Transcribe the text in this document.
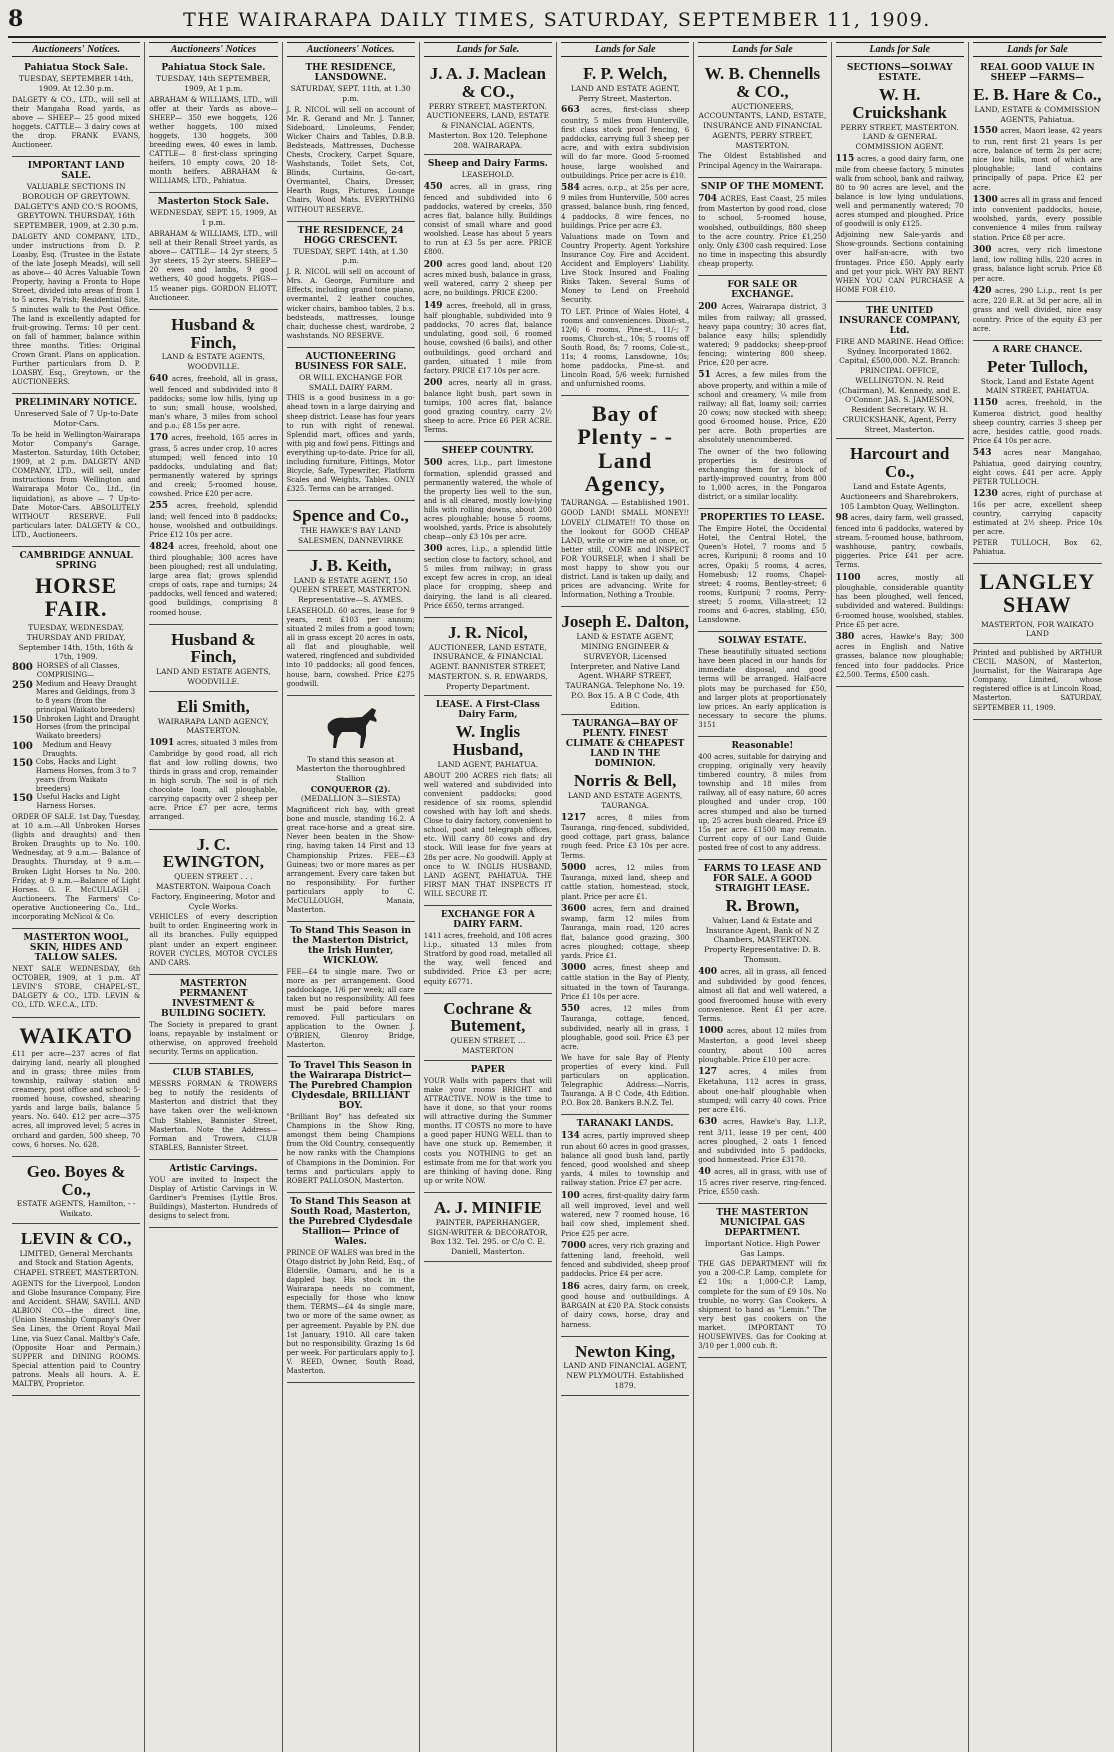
8	THE WAIRARAPA DAILY TIMES, SATURDAY, SEPTEMBER 11, 1909.
Auctioneers' Notices.
Pahiatua Stock Sale.
TUESDAY, SEPTEMBER 14th, 1909. At 12.30 p.m.

DALGETY & CO., LTD., will sell at their Mangaha Road yards, as above — SHEEP— 25 good mixed hoggets. CATTLE— 3 dairy cows at the drop. FRANK EVANS, Auctioneer.

IMPORTANT LAND SALE.
VALUABLE SECTIONS IN BOROUGH OF GREYTOWN. DALGETY'S AND CO.'S ROOMS, GREYTOWN. THURSDAY, 16th SEPTEMBER, 1909, at 2.30 p.m.

DALGETY AND COMPANY, LTD., under instructions from D. P. Loasby, Esq. (Trustee in the Estate of the late Joseph Meads), will sell as above— 40 Acres Valuable Town Property, having a Fronta to Hope Street, divided into areas of from 1 to 5 acres. Pa'rish; Residential Site, 5 minutes walk to the Post Office. The land is excellently adapted for fruit-growing. Terms: 10 per cent. on fall of hammer, balance within three months. Titles: Original Crown Grant. Plans on application. Further particulars from D. P. LOASBY, Esq., Greytown, or the AUCTIONEERS.

PRELIMINARY NOTICE.
Unreserved Sale of 7 Up-to-Date Motor-Cars.

To be held in Wellington-Wairarapa Motor Company's Garage, Masterton. Saturday, 16th October, 1909, at 2 p.m. DALGETY AND COMPANY, LTD., will sell, under instructions from Wellington and Wairarapa Motor Co., Ltd., (in liquidation), as above — 7 Up-to-Date Motor-Cars. ABSOLUTELY WITHOUT RESERVE. Full particulars later. DALGETY & CO., LTD., Auctioneers.

CAMBRIDGE ANNUAL SPRING
HORSE FAIR.
TUESDAY, WEDNESDAY, THURSDAY AND FRIDAY, September 14th, 15th, 16th & 17th, 1909.
800 HORSES of all Classes, COMPRISING—
250 Medium and Heavy Draught Mares and Geldings, from 3 to 8 years (from the principal Waikato breeders)
150 Unbroken Light and Draught Horses (from the principal Waikato breeders)
100	Medium and Heavy Draughts.
150 Cobs, Hacks and Light Harness Horses, from 3 to 7 years (from Waikato breeders)
150 Useful Hacks and Light Harness Horses.

ORDER OF SALE. 1st Day, Tuesday, at 10 a.m.—All Unbroken Horses (lights and draughts) and then Broken Draughts up to No. 100. Wednesday, at 9 a.m.— Balance of Draughts. Thursday, at 9 a.m.—Broken Light Horses to No. 200. Friday, at 9 a.m.—Balance of Light Horses. G. F. McCULLAGH ; Auctioneers. The Farmers' Co-operative Auctioneering Co., Ltd., incorporating McNicol & Co.

MASTERTON WOOL, SKIN, HIDES AND TALLOW SALES.

NEXT SALE WEDNESDAY, 6th OCTOBER, 1909, at 1 p.m. AT LEVIN'S STORE, CHAPEL-ST., DALGETY & CO., LTD. LEVIN & CO., LTD. W.F.C.A., LTD.

WAIKATO

£11 per acre—237 acres of flat dairying land, nearly all ploughed and in grass; three miles from township, railway station and creamery, post office and school; 5-roomed house, cowshed, shearing yards and large bails, balance 5 years. No. 640. £12 per acre—375 acres, all improved level; 5 acres in orchard and garden, 500 sheep, 70 cows, 6 horses. No. 628.

Geo. Boyes & Co.,
ESTATE AGENTS, Hamilton, - - Waikato.
LEVIN & CO.,
LIMITED, General Merchants and Stock and Station Agents, CHAPEL STREET, MASTERTON.

AGENTS for the Liverpool, London and Globe Insurance Company, Fire and Accident. SHAW, SAVILL AND ALBION CO.—the direct line, (Union Steamship Company's Over Sea Lines, the Orient Royal Mail Line, via Suez Canal. Maltby's Cafe, (Opposite Hoar and Permain.) SUPPER and DINING ROOMS. Special attention paid to Country patrons. Meals all hours. A. E. MALTBY, Proprietor.

Auctioneers' Notices
Pahiatua Stock Sale.
TUESDAY, 14th SEPTEMBER, 1909, At 1 p.m.

ABRAHAM & WILLIAMS, LTD., will offer at their Yards as above— SHEEP— 350 ewe hoggets, 126 wether hoggets, 100 mixed hoggets, 130 hoggets, 300 breeding ewes, 40 ewes in lamb. CATTLE— 8 first-class springing heifers, 10 empty cows, 20 18-month heifers. ABRAHAM & WILLIAMS, LTD., Pahiatua.

Masterton Stock Sale.
WEDNESDAY, SEPT. 15, 1909, At 1 p.m.

ABRAHAM & WILLIAMS, LTD., will sell at their Renall Street yards, as above— CATTLE— 14 2yr steers, 5 3yr steers, 15 2yr steers. SHEEP— 20 ewes and lambs, 9 good wethers, 40 good hoggets. PIGS— 15 weaner pigs. GORDON ELIOTT, Auctioneer.

Husband & Finch,
LAND & ESTATE AGENTS, WOODVILLE.

640 acres, freehold, all in grass, well fenced and subdivided into 8 paddocks; some low hills, lying up to sun; small house, woolshed, man's whare, 3 miles from school and p.o.; £8 15s per acre.

170 acres, freehold, 165 acres in grass, 5 acres under crop, 10 acres stumped; well fenced into 10 paddocks, undulating and flat; permanently watered by springs and creek; 5-roomed house, cowshed. Price £20 per acre.

255 acres, freehold, splendid land; well fenced into 8 paddocks; house, woolshed and outbuildings. Price £12 10s per acre.

4824 acres, freehold, about one third ploughable; 300 acres have been ploughed; rest all undulating, large area flat; grows splendid crops of oats, rape and turnips; 24 paddocks, well fenced and watered; good buildings, comprising 8 roomed house.

Husband & Finch,
LAND AND ESTATE AGENTS, WOODVILLE.
Eli Smith,
WAIRARAPA LAND AGENCY, MASTERTON.

1091 acres, situated 3 miles from Cambridge by good road, all rich flat and low rolling downs, two thirds in grass and crop, remainder in high scrub. The soil is of rich chocolate loam, all ploughable, carrying capacity over 2 sheep per acre. Price £7 per acre, terms arranged.

J. C. EWINGTON,
QUEEN STREET . . . MASTERTON. Waipoua Coach Factory, Engineering, Motor and Cycle Works.

VEHICLES of every description built to order. Engineering work in all its branches. Fully equipped plant under an expert engineer. ROVER CYCLES, MOTOR CYCLES AND CARS.

MASTERTON PERMANENT INVESTMENT & BUILDING SOCIETY.

The Society is prepared to grant loans, repayable by instalment or otherwise, on approved freehold security. Terms on application.

CLUB STABLES,

MESSRS FORMAN & TROWERS beg to notify the residents of Masterton and district that they have taken over the well-known Club Stables, Bannister Street, Masterton. Note the Address— Forman and Trowers, CLUB STABLES, Bannister Street.

Artistic Carvings.

YOU are invited to Inspect the Display of Artistic Carvings in W. Gardiner's Premises (Lyttle Bros. Buildings), Masterton. Hundreds of designs to select from.

Auctioneers' Notices.
THE RESIDENCE, LANSDOWNE.
SATURDAY, SEPT. 11th, at 1.30 p.m.

J. R. NICOL will sell on account of Mr. R. Gerand and Mr. J. Tanner, Sideboard, Linoleums, Fender, Wicker Chairs and Tables, D.B.B. Bedsteads, Mattresses, Duchesse Chests, Crockery, Carpet Square, Washstands, Toilet Sets, Cot, Blinds, Curtains, Go-cart, Overmantel, Chairs, Dresser, Hearth Rugs, Pictures, Lounge Chairs, Wood Mats. EVERYTHING WITHOUT RESERVE.

THE RESIDENCE, 24 HOGG CRESCENT.
TUESDAY, SEPT. 14th, at 1.30 p.m.

J. R. NICOL will sell on account of Mrs. A. George, Furniture and Effects, including grand tone piano, overmantel, 2 leather couches, wicker chairs, bamboo tables, 2 b.s. bedsteads, mattresses, lounge chair, duchesse chest, wardrobe, 2 washstands. NO RESERVE.

AUCTIONEERING BUSINESS FOR SALE.
OR WILL EXCHANGE FOR SMALL DAIRY FARM.

THIS is a good business in a go-ahead town in a large dairying and sheep district. Lease has four years to run with right of renewal. Splendid mart, offices and yards, with pig and fowl pens. Fittings and everything up-to-date. Price for all, including furniture, Fittings, Motor Bicycle, Safe, Typewriter, Platform Scales and Weights, Tables. ONLY £325. Terms can be arranged.

Spence and Co.,
THE HAWKE'S BAY LAND SALESMEN, DANNEVIRKE
J. B. Keith,
LAND & ESTATE AGENT, 150 QUEEN STREET, MASTERTON. Representative—S. AYMES.

LEASEHOLD. 60 acres, lease for 9 years, rent £103 per annum; situated 2 miles from a good town; all in grass except 20 acres in oats, all flat and ploughable, well watered, ringfenced and subdivided into 10 paddocks; all good fences, house, barn, cowshed. Price £275 goodwill.

To stand this season at Masterton the thoroughbred Stallion
CONQUEROR (2).
(MEDALLION 3—SIESTA)

Magnificent rich bay, with great bone and muscle, standing 16.2. A great race-horse and a great sire. Never been beaten in the Show-ring, having taken 14 First and 13 Championship Prizes. FEE—£3 Guineas; two or more mares as per arrangement. Every care taken but no responsibility. For further particulars apply to C. McCULLOUGH, Manaia, Masterton.

To Stand This Season in the Masterton District, the Irish Hunter, WICKLOW.

FEE—£4 to single mare. Two or more as per arrangement. Good paddockage, 1/6 per week; all care taken but no responsibility. All fees must be paid before mares removed. Full particulars on application to the Owner. J. O'BRIEN, Glenroy Bridge, Masterton.

To Travel This Season in the Wairarapa District— The Purebred Champion Clydesdale, BRILLIANT BOY.

"Brilliant Boy" has defeated six Champions in the Show Ring, amongst them being Champions from the Old Country, consequently he now ranks with the Champions of Champions in the Dominion. For terms and particulars apply to ROBERT PALLOSON, Masterton.

To Stand This Season at South Road, Masterton, the Purebred Clydesdale Stallion— Prince of Wales.

PRINCE OF WALES was bred in the Otago district by John Reid, Esq., of Elderslie, Oamaru, and he is a dappled bay. His stock in the Wairarapa needs no comment, especially for those who know them. TERMS—£4 4s single mare, two or more of the same owner, as per agreement. Payable by P.N. due 1st January, 1910. All care taken but no responsibility. Grazing 1s 6d per week. For particulars apply to J. V. REED, Owner, South Road, Masterton.

Lands for Sale.
J. A. J. Maclean & CO.,
PERRY STREET, MASTERTON. AUCTIONEERS, LAND, ESTATE & FINANCIAL AGENTS, Masterton. Box 120. Telephone 208. WAIRARAPA.
Sheep and Dairy Farms.
LEASEHOLD.

450 acres, all in grass, ring fenced and subdivided into 6 paddocks, watered by creeks, 350 acres flat, balance hilly. Buildings consist of small whare and good woolshed. Lease has about 5 years to run at £3 5s per acre. PRICE £800.

200 acres good land, about 120 acres mixed bush, balance in grass, well watered, carry 2 sheep per acre, no buildings. PRICE £200.

149 acres, freehold, all in grass, half ploughable, subdivided into 9 paddocks, 70 acres flat, balance undulating, good soil, 6 roomed house, cowshed (6 bails), and other outbuildings, good orchard and garden, situated 1 mile from factory. PRICE £17 10s per acre.

200 acres, nearly all in grass, balance light bush, part sown in turnips, 100 acres flat, balance good grazing country, carry 2½ sheep to acre. Price £6 PER ACRE. Terms.

SHEEP COUNTRY.

500 acres, l.i.p., part limestone formation, splendid grassed and permanently watered, the whole of the property lies well to the sun, and is all cleared, mostly low-lying hills with rolling downs, about 200 acres ploughable; house 5 rooms, woolshed, yards. Price is absolutely cheap—only £3 10s per acre.

300 acres, l.i.p., a splendid little section close to factory, school, and 5 miles from railway; in grass except few acres in crop, an ideal place for cropping, sheep and dairying, the land is all cleared. Price £650, terms arranged.

J. R. Nicol,
AUCTIONEER, LAND ESTATE, INSURANCE, & FINANCIAL AGENT. BANNISTER STREET, MASTERTON. S. R. EDWARDS, Property Department.
LEASE. A First-Class Dairy Farm,
W. Inglis Husband,
LAND AGENT, PAHIATUA.

ABOUT 200 ACRES rich flats; all well watered and subdivided into convenient paddocks; good residence of six rooms, splendid cowshed with hay loft and sheds. Close to dairy factory, convenient to school, post and telegraph offices, etc. Will carry 80 cows and dry stock. Will lease for five years at 28s per acre. No goodwill. Apply at once to W. INGLIS HUSBAND, LAND AGENT, PAHIATUA. THE FIRST MAN THAT INSPECTS IT WILL SECURE IT.

EXCHANGE FOR A DAIRY FARM.

1411 acres, freehold, and 108 acres l.i.p., situated 13 miles from Stratford by good road, metalled all the way, well fenced and subdivided. Price £3 per acre; equity £6771.

Cochrane & Butement,
QUEEN STREET, ... MASTERTON
PAPER

YOUR Walls with papers that will make your rooms BRIGHT and ATTRACTIVE. NOW is the time to have it done, so that your rooms will attractive during the Summer months. IT COSTS no more to have a good paper HUNG WELL than to have one stuck up. Remember, it costs you NOTHING to get an estimate from me for that work you are thinking of having done. Ring up or write NOW.

A. J. MINIFIE
PAINTER, PAPERHANGER, SIGN-WRITER & DECORATOR, Box 132. Tel. 295. or C/o C. E. Daniell, Masterton.
Lands for Sale
F. P. Welch,
LAND AND ESTATE AGENT, Perry Street, Masterton.

663 acres, first-class sheep country, 5 miles from Hunterville, first class stock proof fencing, 6 paddocks, carrying full 3 sheep per acre, and with extra subdivision will do far more. Good 5-roomed house, large woolshed and outbuildings. Price per acre is £10.

584 acres, o.r.p., at 25s per acre, 9 miles from Hunterville, 500 acres grassed, balance bush, ring fenced, 4 paddocks, 8 wire fences, no buildings. Price per acre £3.

Valuations made on Town and Country Property. Agent Yorkshire Insurance Coy. Fire and Accident. Accident and Employers' Liability. Live Stock Insured and Foaling Risks Taken. Several Sums of Money to Lend on Freehold Security.

TO LET. Prince of Wales Hotel, 4 rooms and conveniences. Dixon-st., 12/6; 6 rooms, Pine-st., 11/-; 7 rooms, Church-st., 10s; 5 rooms off South Road, 8s; 7 rooms, Cole-st., 11s; 4 rooms, Lansdowne, 10s; home paddocks, Pine-st. and Lincoln Road, 5/6 week; furnished and unfurnished rooms.

Bay of Plenty - - Land Agency,
TAURANGA. — Established 1901.

GOOD LAND! SMALL MONEY!! LOVELY CLIMATE!! TO those on the lookout for GOOD CHEAP LAND, write or wire me at once, or, better still, COME and INSPECT FOR YOURSELF, when I shall be most happy to show you our district. Land is taken up daily, and prices are advancing. Write for Information, Nothing a Trouble.

Joseph E. Dalton,
LAND & ESTATE AGENT, MINING ENGINEER & SURVEYOR, Licensed Interpreter, and Native Land Agent. WHARF STREET, TAURANGA. Telephone No. 19. P.O. Box 15. A B C Code, 4th Edition.
TAURANGA—BAY OF PLENTY. FINEST CLIMATE & CHEAPEST LAND IN THE DOMINION.
Norris & Bell,
LAND AND ESTATE AGENTS, TAURANGA.

1217 acres, 8 miles from Tauranga, ring-fenced, subdivided, good cottage, part grass, balance rough feed. Price £3 10s per acre. Terms.

5000 acres, 12 miles from Tauranga, mixed land, sheep and cattle station, homestead, stock, plant. Price per acre £1.

3600 acres, fern and drained swamp, farm 12 miles from Tauranga, main road, 120 acres flat, balance good grazing, 300 acres ploughed; cottage, sheep yards. Price £1.

3000 acres, finest sheep and cattle station in the Bay of Plenty, situated in the town of Tauranga. Price £1 10s per acre.

550 acres, 12 miles from Tauranga, cottage, fenced, subdivided, nearly all in grass, 1 ploughable, good soil. Price £3 per acre.

We have for sale Bay of Plenty properties of every kind. Full particulars on application. Telegraphic Address:—Norris, Tauranga. A B C Code, 4th Edition. P.O. Box 28. Bankers B.N.Z. Tel.

TARANAKI LANDS.

134 acres, partly improved sheep run about 60 acres in good grasses, balance all good bush land, partly fenced, good woolshed and sheep yards, 4 miles to township and railway station. Price £7 per acre.

100 acres, first-quality dairy farm all well improved, level and well watered, new 7 roomed house, 16 bail cow shed, implement shed. Price £25 per acre.

7000 acres, very rich grazing and fattening land, freehold, well fenced and subdivided, sheep proof paddocks. Price £4 per acre.

186 acres, dairy farm, on creek, good house and outbuildings. A BARGAIN at £20 P.A. Stock consists of dairy cows, horse, dray and harness.

Newton King,
LAND AND FINANCIAL AGENT, NEW PLYMOUTH. Established 1879.
Lands for Sale
W. B. Chennells & CO.,
AUCTIONEERS, ACCOUNTANTS, LAND, ESTATE, INSURANCE AND FINANCIAL AGENTS, PERRY STREET, MASTERTON.

The Oldest Established and Principal Agency in the Wairarapa.

SNIP OF THE MOMENT.

704 ACRES, East Coast, 25 miles from Masterton by good road, close to school, 5-roomed house, woolshed, outbuildings, 880 sheep to the acre country. Price £1,250 only. Only £300 cash required. Lose no time in inspecting this absurdly cheap property.

FOR SALE OR EXCHANGE.

200 Acres, Wairarapa district, 3 miles from railway; all grassed, heavy papa country; 30 acres flat, balance easy hills; splendidly watered; 9 paddocks; sheep-proof fencing; wintering 800 sheep. Price, £20 per acre.

51 Acres, a few miles from the above property, and within a mile of school and creamery, ¼ mile from railway; all flat, loamy soil; carries 20 cows; now stocked with sheep; good 6-roomed house. Price, £20 per acre. Both properties are absolutely unencumbered.

The owner of the two following properties is desirous of exchanging them for a block of partly-improved country, from 800 to 1,000 acres, in the Pongaroa district, or a similar locality.

PROPERTIES TO LEASE.

The Empire Hotel, the Occidental Hotel, the Central Hotel, the Queen's Hotel, 7 rooms and 5 acres, Kuripuni; 8 rooms and 10 acres, Opaki; 5 rooms, 4 acres, Homebush; 12 rooms, Chapel-street; 4 rooms, Bentley-street; 6 rooms, Kuripuni; 7 rooms, Perry-street; 5 rooms, Villa-street; 12 rooms and 6-acres, stabling, £50, Lansdowne.

SOLWAY ESTATE.

These beautifully situated sections have been placed in our hands for immediate disposal, and good terms will be arranged. Half-acre plots may be purchased for £50, and larger plots at proportionately low prices. An early application is necessary to secure the plums. 3151

Reasonable!

400 acres, suitable for dairying and cropping, originally very heavily timbered country, 8 miles from township and 18 miles from railway, all of easy nature, 60 acres ploughed and under crop, 100 acres stumped and also be turned up, 25 acres bush cleared. Price £9 15s per acre. £1500 may remain. Current copy of our Land Guide posted free of cost to any address.

FARMS TO LEASE AND FOR SALE. A GOOD STRAIGHT LEASE.
R. Brown,
Valuer, Land & Estate and Insurance Agent, Bank of N Z Chambers, MASTERTON. Property Representative: D. B. Thomson.

400 acres, all in grass, all fenced and subdivided by good fences, almost all flat and well watered, a good fiveroomed house with every convenience. Rent £1 per acre. Terms.

1000 acres, about 12 miles from Masterton, a good level sheep country, about 100 acres ploughable. Price £10 per acre.

127 acres, 4 miles from Eketahuna, 112 acres in grass, about one-half ploughable when stumped; will carry 40 cows. Price per acre £16.

630 acres, Hawke's Bay, L.I.P., rent 3/11, lease 19 per cent, 400 acres ploughed, 2 oats 1 fenced and subdivided into 5 paddocks, good homestead. Price £3170.

40 acres, all in grass, with use of 15 acres river reserve, ring-fenced. Price, £550 cash.

THE MASTERTON MUNICIPAL GAS DEPARTMENT.
Important Notice. High Power Gas Lamps.

THE GAS DEPARTMENT will fix you a 200-C.P. Lamp, complete for £2 10s; a 1,000-C.P. Lamp, complete for the sum of £9 10s. No trouble, no worry. Gas Cookers. A shipment to hand as "Lemin." The very best gas cookers on the market. IMPORTANT TO HOUSEWIVES. Gas for Cooking at 3/10 per 1,000 cub. ft.

Lands for Sale
SECTIONS—SOLWAY ESTATE.
W. H. Cruickshank
PERRY STREET, MASTERTON. LAND & GENERAL COMMISSION AGENT.

115 acres, a good dairy farm, one mile from cheese factory, 5 minutes walk from school, bank and railway, 80 to 90 acres are level, and the balance is low lying undulations, well and permanently watered; 70 acres stumped and ploughed. Price of goodwill is only £125.

Adjoining new Sale-yards and Show-grounds. Sections containing over half-an-acre, with two frontages. Price £50. Apply early and get your pick. WHY PAY RENT WHEN YOU CAN PURCHASE A HOME FOR £10.

THE UNITED INSURANCE COMPANY, Ltd.
FIRE AND MARINE. Head Office: Sydney. Incorporated 1862. Capital, £500,000. N.Z. Branch: PRINCIPAL OFFICE, WELLINGTON. N. Reid (Chairman), M. Kennedy, and E. O'Connor. JAS. S. JAMESON, Resident Secretary. W. H. CRUICKSHANK, Agent, Perry Street, Masterton.
Harcourt and Co.,
Land and Estate Agents, Auctioneers and Sharebrokers, 105 Lambton Quay, Wellington.

98 acres, dairy farm, well grassed, fenced into 6 paddocks, watered by stream. 5-roomed house, bathroom, washhouse, pantry, cowbails, piggeries. Price £41 per acre. Terms.

1100 acres, mostly all ploughable, considerable quantity has been ploughed, well fenced, subdivided and watered. Buildings: 6-roomed house, woolshed, stables. Price £5 per acre.

380 acres, Hawke's Bay; 300 acres in English and Native grasses, balance now ploughable; fenced into four paddocks. Price £2,500. Terms, £500 cash.

Lands for Sale
REAL GOOD VALUE IN SHEEP —FARMS—
E. B. Hare & Co.,
LAND, ESTATE & COMMISSION AGENTS, Pahiatua.

1550 acres, Maori lease, 42 years to run, rent first 21 years 1s per acre, balance of term 2s per acre; nice low hills, most of which are ploughable; land contains principally of papa. Price £2 per acre.

1300 acres all in grass and fenced into convenient paddocks, house, woolshed, yards, every possible convenience 4 miles from railway station. Price £8 per acre.

300 acres, very rich limestone land, low rolling hills, 220 acres in grass, balance light scrub. Price £8 per acre.

420 acres, 290 L.i.p., rent 1s per acre, 220 E.R. at 3d per acre, all in grass and well divided, nice easy country. Price of the equity £3 per acre.

A RARE CHANCE.
Peter Tulloch,
Stock, Land and Estate Agent MAIN STREET, PAHIATUA.

1150 acres, freehold, in the Kumeroa district, good healthy sheep country, carries 3 sheep per acre, besides cattle, good roads. Price £4 10s per acre.

543 acres near Mangahao, Pahiatua, good dairying country, eight cows. £41 per acre. Apply PETER TULLOCH.

1230 acres, right of purchase at 16s per acre, excellent sheep country, carrying capacity estimated at 2½ sheep. Price 10s per acre.

PETER TULLOCH, Box 62, Pahiatua.

LANGLEY SHAW
MASTERTON, FOR WAIKATO LAND

Printed and published by ARTHUR CECIL MASON, of Masterton, Journalist, for the Wairarapa Age Company, Limited, whose registered office is at Lincoln Road, Masterton. SATURDAY, SEPTEMBER 11, 1909.
